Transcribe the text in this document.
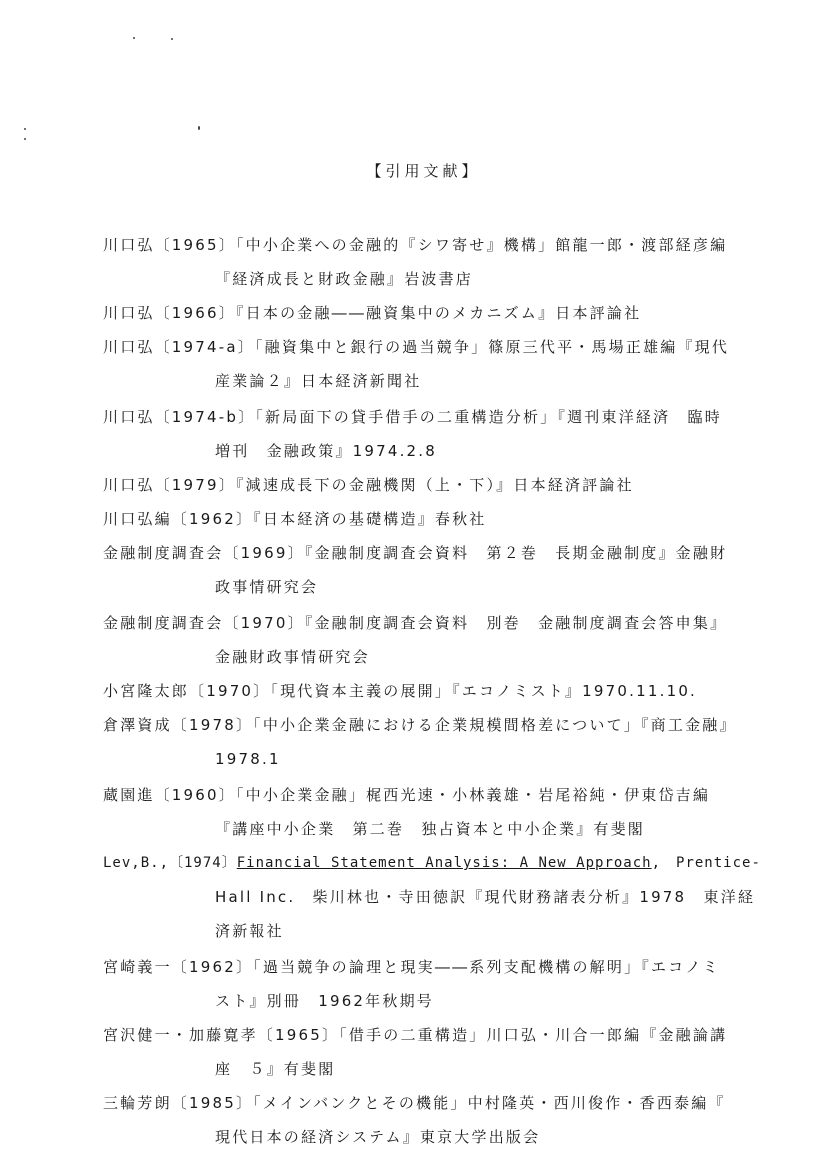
【引用文献】
川口弘〔1965〕「中小企業への金融的『シワ寄せ』機構」館龍一郎・渡部経彦編
『経済成長と財政金融』岩波書店
川口弘〔1966〕『日本の金融――融資集中のメカニズム』日本評論社
川口弘〔1974-a〕「融資集中と銀行の過当競争」篠原三代平・馬場正雄編『現代
産業論２』日本経済新聞社
川口弘〔1974-b〕「新局面下の貸手借手の二重構造分析」『週刊東洋経済　臨時
増刊　金融政策』1974.2.8
川口弘〔1979〕『減速成長下の金融機関（上・下）』日本経済評論社
川口弘編〔1962〕『日本経済の基礎構造』春秋社
金融制度調査会〔1969〕『金融制度調査会資料　第２巻　長期金融制度』金融財
政事情研究会
金融制度調査会〔1970〕『金融制度調査会資料　別巻　金融制度調査会答申集』
金融財政事情研究会
小宮隆太郎〔1970〕「現代資本主義の展開」『エコノミスト』1970.11.10.
倉澤資成〔1978〕「中小企業金融における企業規模間格差について」『商工金融』
1978.1
蔵園進〔1960〕「中小企業金融」梶西光速・小林義雄・岩尾裕純・伊東岱吉編
『講座中小企業　第二巻　独占資本と中小企業』有斐閣
Lev,B.,〔1974〕Financial Statement Analysis: A New Approach,　Prentice-
Hall Inc.　柴川林也・寺田徳訳『現代財務諸表分析』1978　東洋経
済新報社
宮崎義一〔1962〕「過当競争の論理と現実――系列支配機構の解明」『エコノミ
スト』別冊　1962年秋期号
宮沢健一・加藤寛孝〔1965〕「借手の二重構造」川口弘・川合一郎編『金融論講
座　５』有斐閣
三輪芳朗〔1985〕「メインバンクとその機能」中村隆英・西川俊作・香西泰編『
現代日本の経済システム』東京大学出版会
